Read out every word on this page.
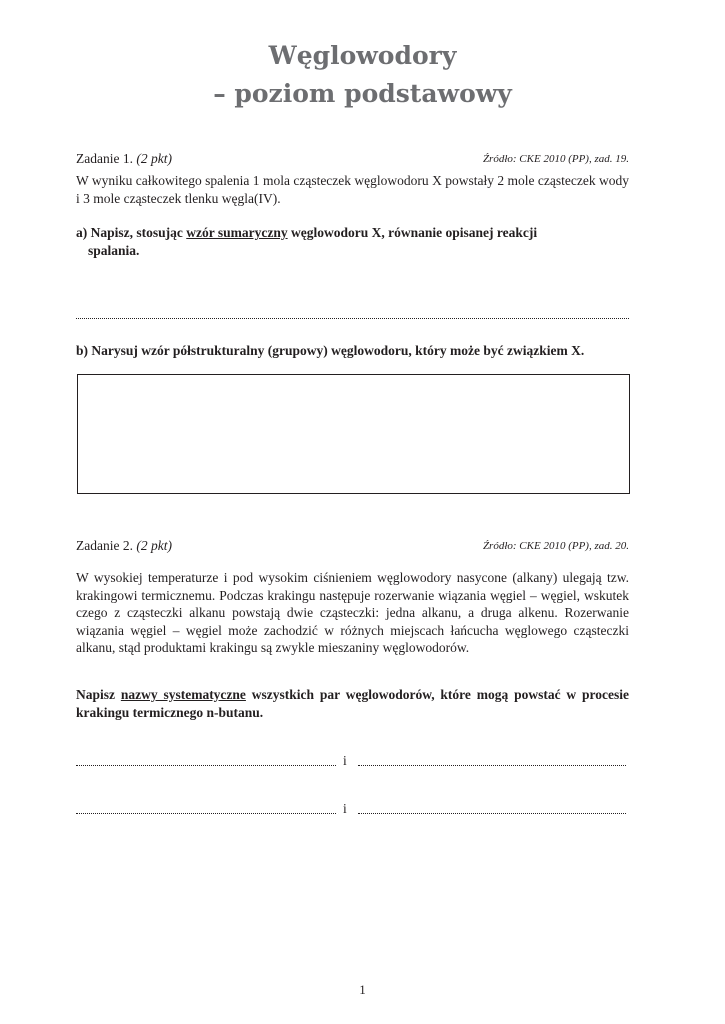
Węglowodory
– poziom podstawowy
Zadanie 1. (2 pkt)	Źródło: CKE 2010 (PP), zad. 19.

W wyniku całkowitego spalenia 1 mola cząsteczek węglowodoru X powstały 2 mole cząsteczek wody i 3 mole cząsteczek tlenku węgla(IV).

a) Napisz, stosując wzór sumaryczny węglowodoru X, równanie opisanej reakcji
spalania.
b) Narysuj wzór półstrukturalny (grupowy) węglowodoru, który może być związkiem X.
Zadanie 2. (2 pkt)	Źródło: CKE 2010 (PP), zad. 20.

W wysokiej temperaturze i pod wysokim ciśnieniem węglowodory nasycone (alkany) ulegają tzw. krakingowi termicznemu. Podczas krakingu następuje rozerwanie wiązania węgiel – węgiel, wskutek czego z cząsteczki alkanu powstają dwie cząsteczki: jedna alkanu, a druga alkenu. Rozerwanie wiązania węgiel – węgiel może zachodzić w różnych miejscach łańcucha węglowego cząsteczki alkanu, stąd produktami krakingu są zwykle mieszaniny węglowodorów.

Napisz nazwy systematyczne wszystkich par węglowodorów, które mogą powstać w procesie krakingu termicznego n-butanu.
i
i
1
